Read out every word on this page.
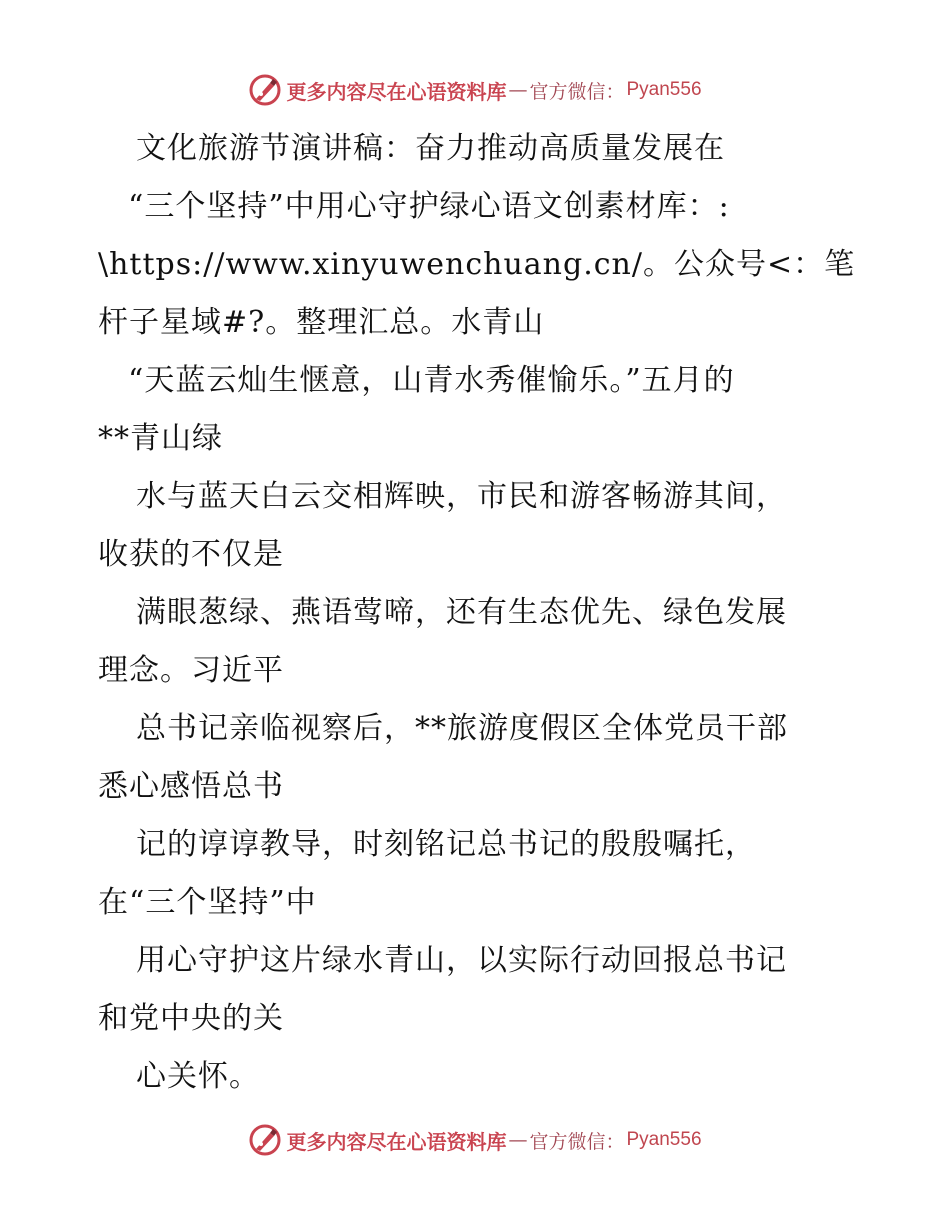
更多内容尽在心语资料库 — 官方微信： Pyan556
文化旅游节演讲稿：奋力推动高质量发展在
“三个坚持”中用心守护绿心语文创素材库：:
\https://www.xinyuwenchuang.cn/。公众号<：笔
杆子星域#?。整理汇总。水青山
“天蓝云灿生惬意，山青水秀催愉乐。”五月的
**青山绿
水与蓝天白云交相辉映，市民和游客畅游其间，
收获的不仅是
满眼葱绿、燕语莺啼，还有生态优先、绿色发展
理念。习近平
总书记亲临视察后，**旅游度假区全体党员干部
悉心感悟总书
记的谆谆教导，时刻铭记总书记的殷殷嘱托，
在“三个坚持”中
用心守护这片绿水青山，以实际行动回报总书记
和党中央的关
心关怀。
更多内容尽在心语资料库 — 官方微信： Pyan556
